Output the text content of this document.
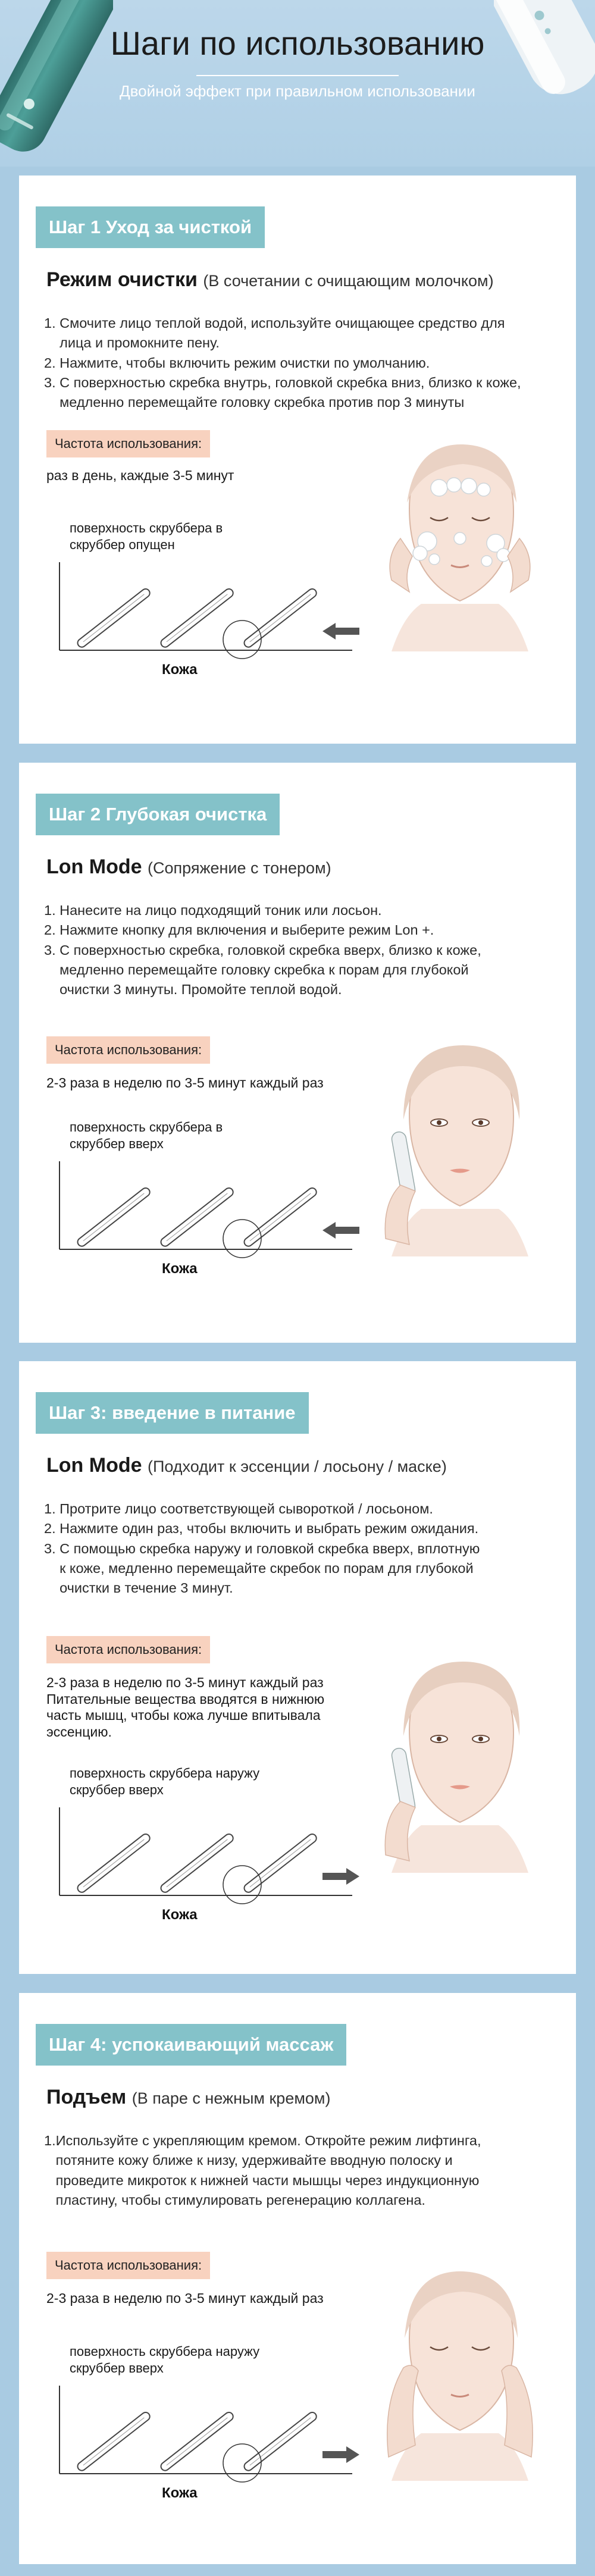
Шаги по использованию
Двойной эффект при правильном использовании
Шаг 1 Уход за чисткой
Режим очистки (В сочетании с очищающим молочком)
1. Смочите лицо теплой водой, используйте очищающее средство для
лица и промокните пену.
2. Нажмите, чтобы включить режим очистки по умолчанию.
3. С поверхностью скребка внутрь, головкой скребка вниз, близко к коже,
медленно перемещайте головку скребка против пор 3 минуты
Частота использования:
раз в день, каждые 3-5 минут
поверхность скруббера в
скруббер опущен
Кожа
Шаг 2 Глубокая очистка
Lon Mode (Сопряжение с тонером)
1. Нанесите на лицо подходящий тоник или лосьон.
2. Нажмите кнопку для включения и выберите режим Lon +.
3. С поверхностью скребка, головкой скребка вверх, близко к коже,
медленно перемещайте головку скребка к порам для глубокой
очистки 3 минуты. Промойте теплой водой.
Частота использования:
2-3 раза в неделю по 3-5 минут каждый раз
поверхность скруббера в
скруббер вверх
Кожа
Шаг 3: введение в питание
Lon Mode (Подходит к эссенции / лосьону / маске)
1. Протрите лицо соответствующей сывороткой / лосьоном.
2. Нажмите один раз, чтобы включить и выбрать режим ожидания.
3. С помощью скребка наружу и головкой скребка вверх, вплотную
к коже, медленно перемещайте скребок по порам для глубокой
очистки в течение 3 минут.
Частота использования:
2-3 раза в неделю по 3-5 минут каждый раз
Питательные вещества вводятся в нижнюю
часть мышц, чтобы кожа лучше впитывала
эссенцию.
поверхность скруббера наружу
скруббер вверх
Кожа
Шаг 4: успокаивающий массаж
Подъем (В паре с нежным кремом)
1.Используйте с укрепляющим кремом. Откройте режим лифтинга,
потяните кожу ближе к низу, удерживайте вводную полоску и
проведите микроток к нижней части мышцы через индукционную
пластину, чтобы стимулировать регенерацию коллагена.
Частота использования:
2-3 раза в неделю по 3-5 минут каждый раз
поверхность скруббера наружу
скруббер вверх
Кожа
